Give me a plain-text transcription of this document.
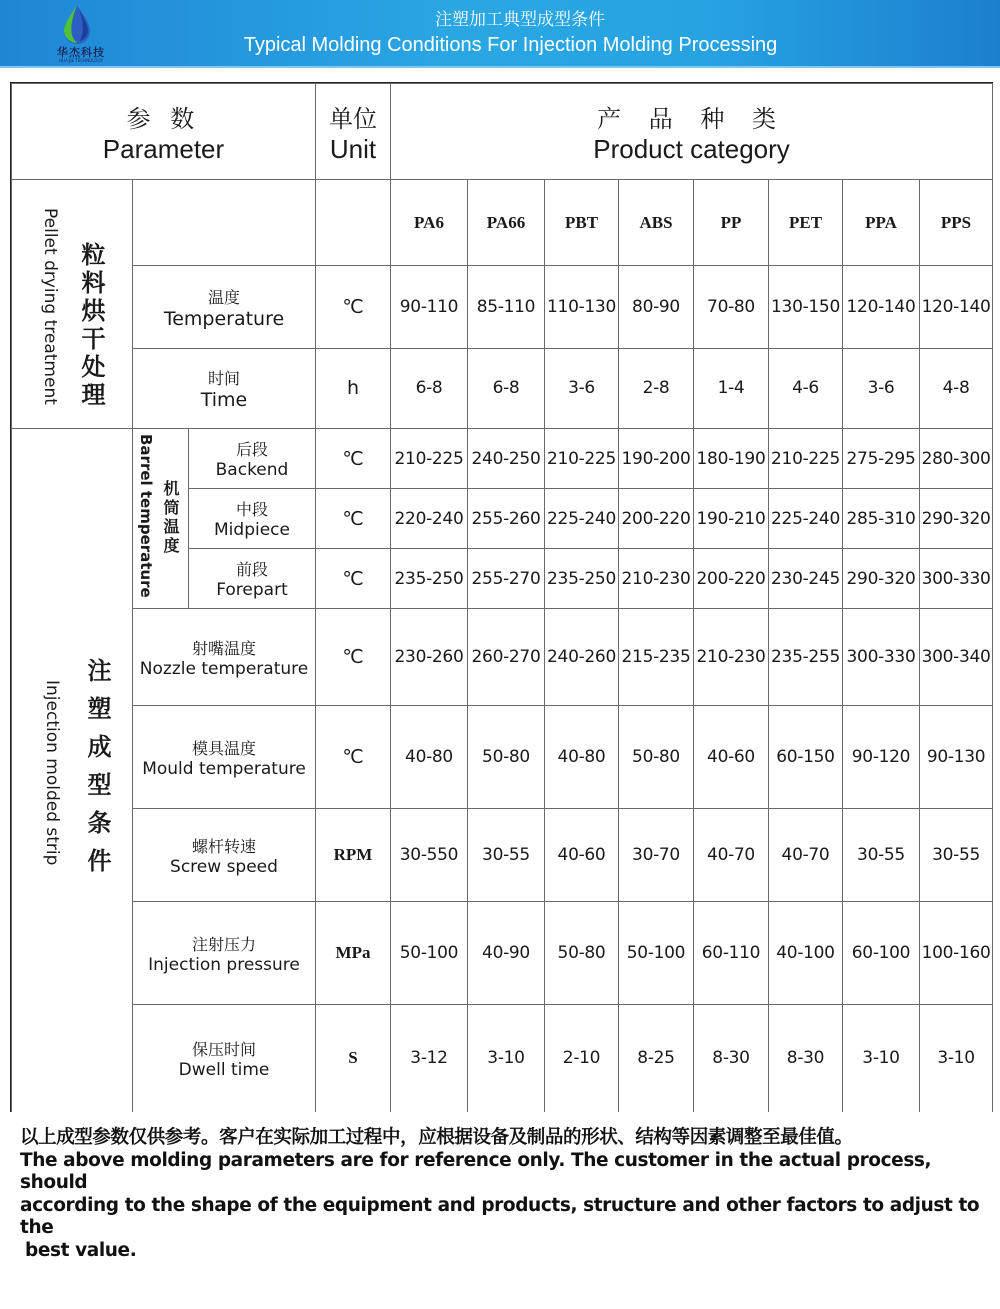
华杰科技
HUA JIE TECHNOLOGY
注塑加工典型成型条件
Typical Molding Conditions For Injection Molding Processing
参 数
Parameter

单位
Unit

产 品 种 类
Product category

Pellet drying treatment 粒料烘干处理				PA6	PA66	PBT	ABS	PP	PET	PPA	PPS

	温度
Temperature		℃	90-110	85-110	110-130	80-90	70-80	130-150	120-140	120-140

	时间
Time		h	6-8	6-8	3-6	2-8	1-4	4-6	3-6	4-8

Injection molded strip 注塑成型条件	Barrel temperature 机筒温度	后段
Backend	℃	210-225	240-250	210-225	190-200	180-190	210-225	275-295	280-300

		中段
Midpiece	℃	220-240	255-260	225-240	200-220	190-210	225-240	285-310	290-320

		前段
Forepart	℃	235-250	255-270	235-250	210-230	200-220	230-245	290-320	300-330

	射嘴温度
Nozzle temperature		℃	230-260	260-270	240-260	215-235	210-230	235-255	300-330	300-340

	模具温度
Mould temperature		℃	40-80	50-80	40-80	50-80	40-60	60-150	90-120	90-130

	螺杆转速
Screw speed		RPM	30-550	30-55	40-60	30-70	40-70	40-70	30-55	30-55

	注射压力
Injection pressure		MPa	50-100	40-90	50-80	50-100	60-110	40-100	60-100	100-160

	保压时间
Dwell time		S	3-12	3-10	2-10	8-25	8-30	8-30	3-10	3-10

以上成型参数仅供参考。客户在实际加工过程中，应根据设备及制品的形状、结构等因素调整至最佳值。

The above molding parameters are for reference only. The customer in the actual process, should

according to the shape of the equipment and products, structure and other factors to adjust to the

best value.
